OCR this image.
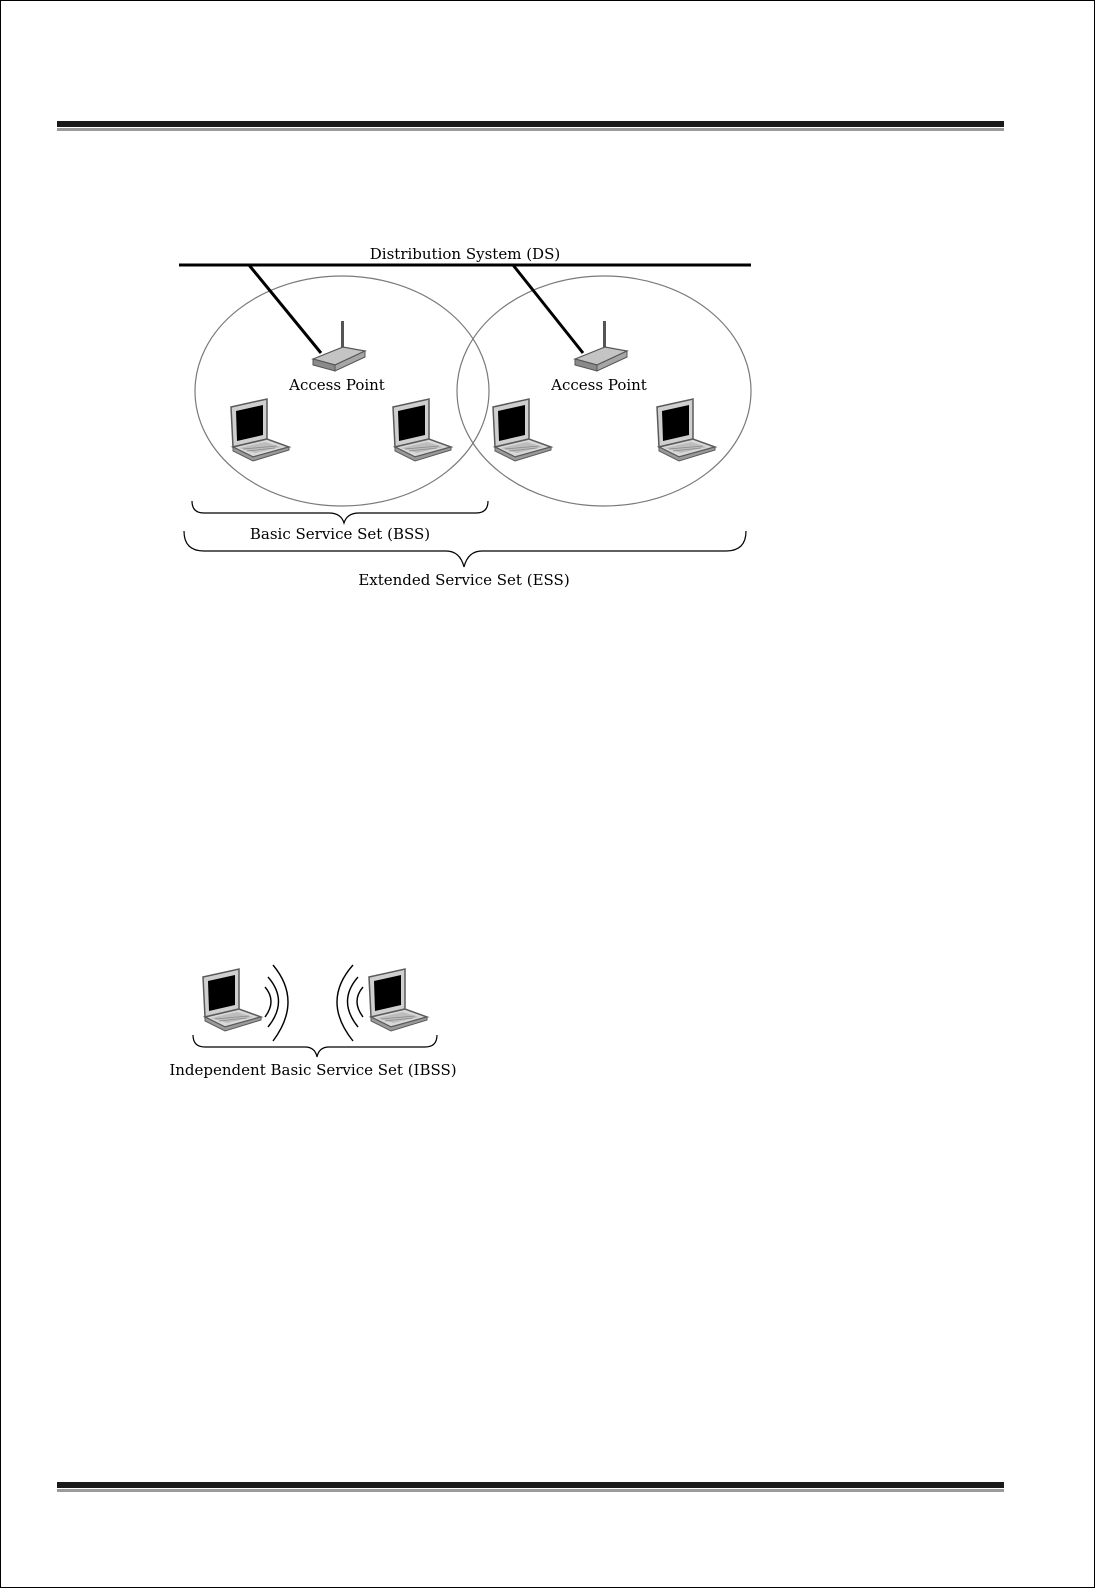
Distribution System (DS)
Access Point	Access Point
Basic Service Set (BSS)
Extended Service Set (ESS)
Independent Basic Service Set (IBSS)
